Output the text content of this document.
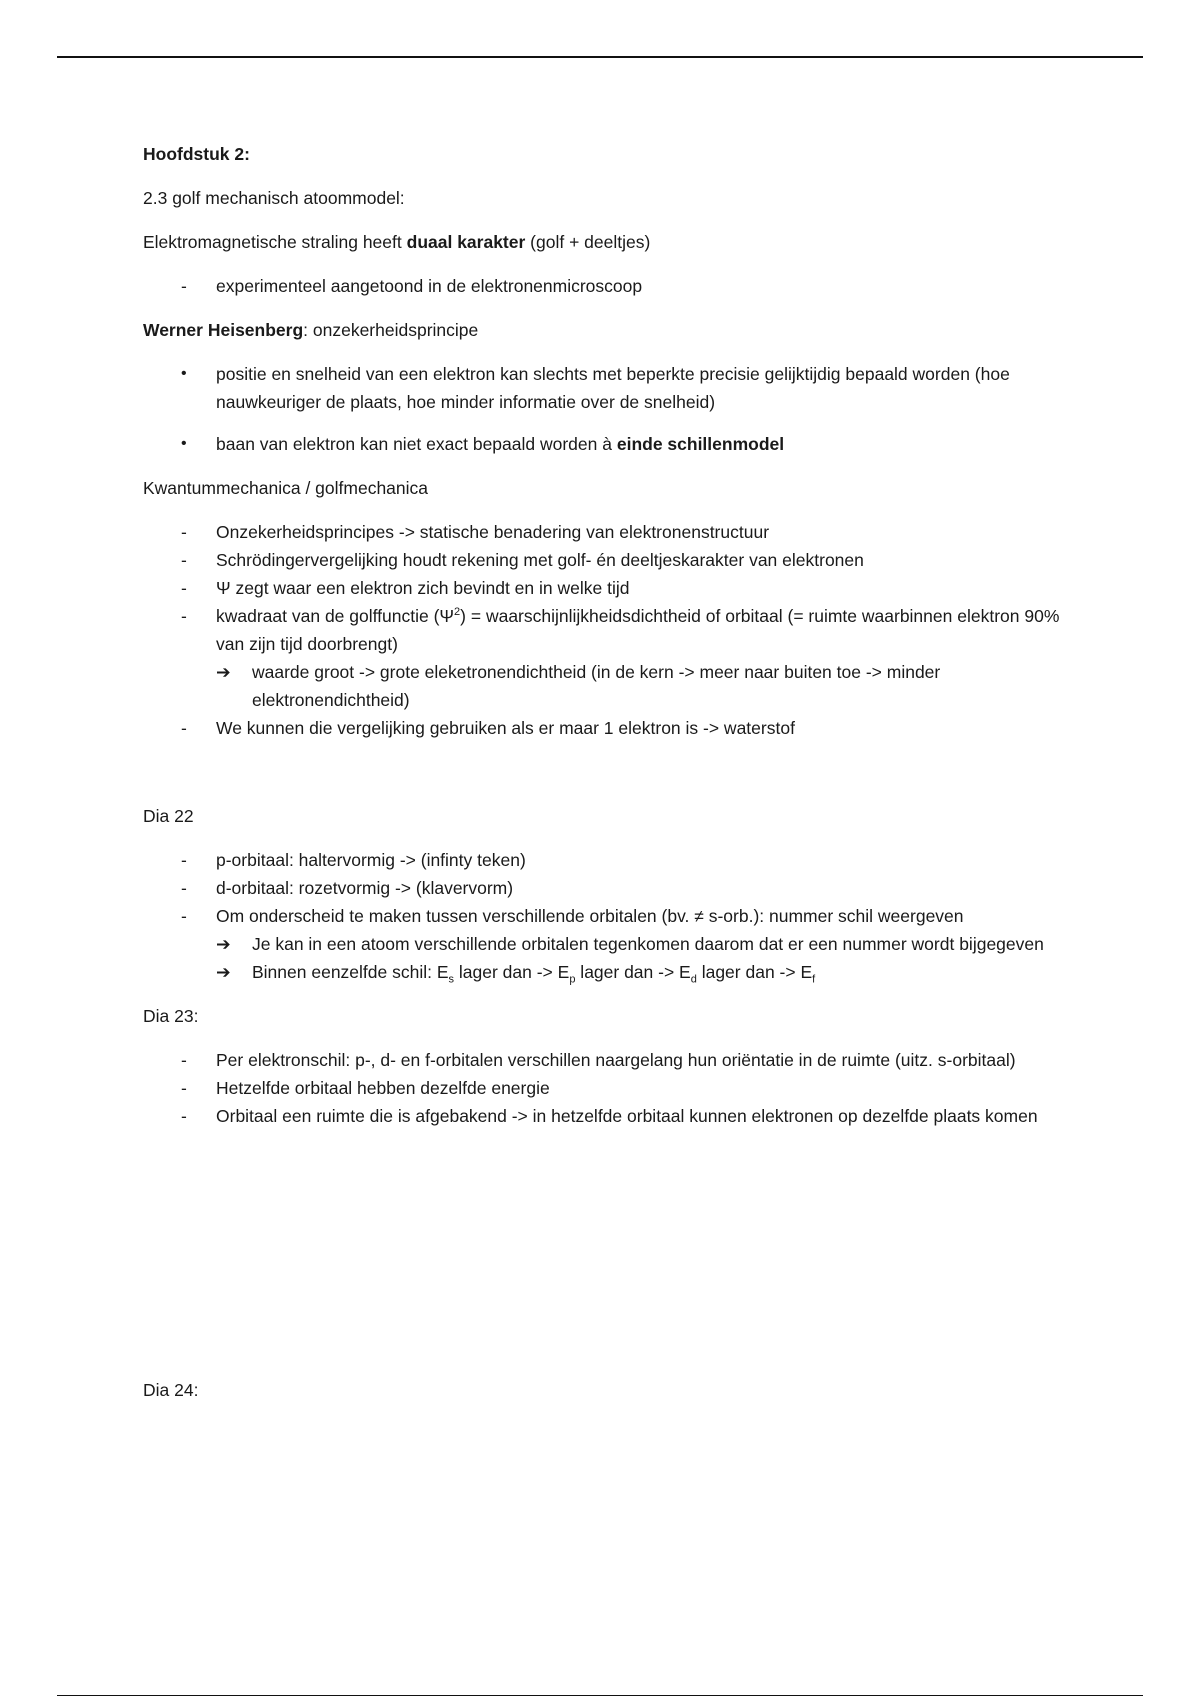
Hoofdstuk 2:
2.3 golf mechanisch atoommodel:
Elektromagnetische straling heeft duaal karakter (golf + deeltjes)
- experimenteel aangetoond in de elektronenmicroscoop
Werner Heisenberg: onzekerheidsprincipe
• positie en snelheid van een elektron kan slechts met beperkte precisie gelijktijdig bepaald worden (hoe nauwkeuriger de plaats, hoe minder informatie over de snelheid)
• baan van elektron kan niet exact bepaald worden à einde schillenmodel
Kwantummechanica / golfmechanica
- Onzekerheidsprincipes -> statische benadering van elektronenstructuur
- Schrödingervergelijking houdt rekening met golf- én deeltjeskarakter van elektronen
- Ψ zegt waar een elektron zich bevindt en in welke tijd
- kwadraat van de golffunctie $(\Psi^2)$ = waarschijnlijkheidsdichtheid of orbitaal (= ruimte waarbinnen elektron 90% van zijn tijd doorbrengt)
➔ waarde groot -> grote eleketronendichtheid (in de kern -> meer naar buiten toe -> minder elektronendichtheid)
- We kunnen die vergelijking gebruiken als er maar 1 elektron is -> waterstof
Dia 22
- p-orbitaal: haltervormig -> (infinty teken)
- d-orbitaal: rozetvormig -> (klavervorm)
- Om onderscheid te maken tussen verschillende orbitalen (bv. ≠ s-orb.): nummer schil weergeven
➔ Je kan in een atoom verschillende orbitalen tegenkomen daarom dat er een nummer wordt bijgegeven
➔ Binnen eenzelfde schil: $E_s$ lager dan -> $E_p$ lager dan -> $E_d$ lager dan -> $E_f$
Dia 23:
- Per elektronschil: p-, d- en f-orbitalen verschillen naargelang hun oriëntatie in de ruimte (uitz. s-orbitaal)
- Hetzelfde orbitaal hebben dezelfde energie
- Orbitaal een ruimte die is afgebakend -> in hetzelfde orbitaal kunnen elektronen op dezelfde plaats komen
Dia 24:
